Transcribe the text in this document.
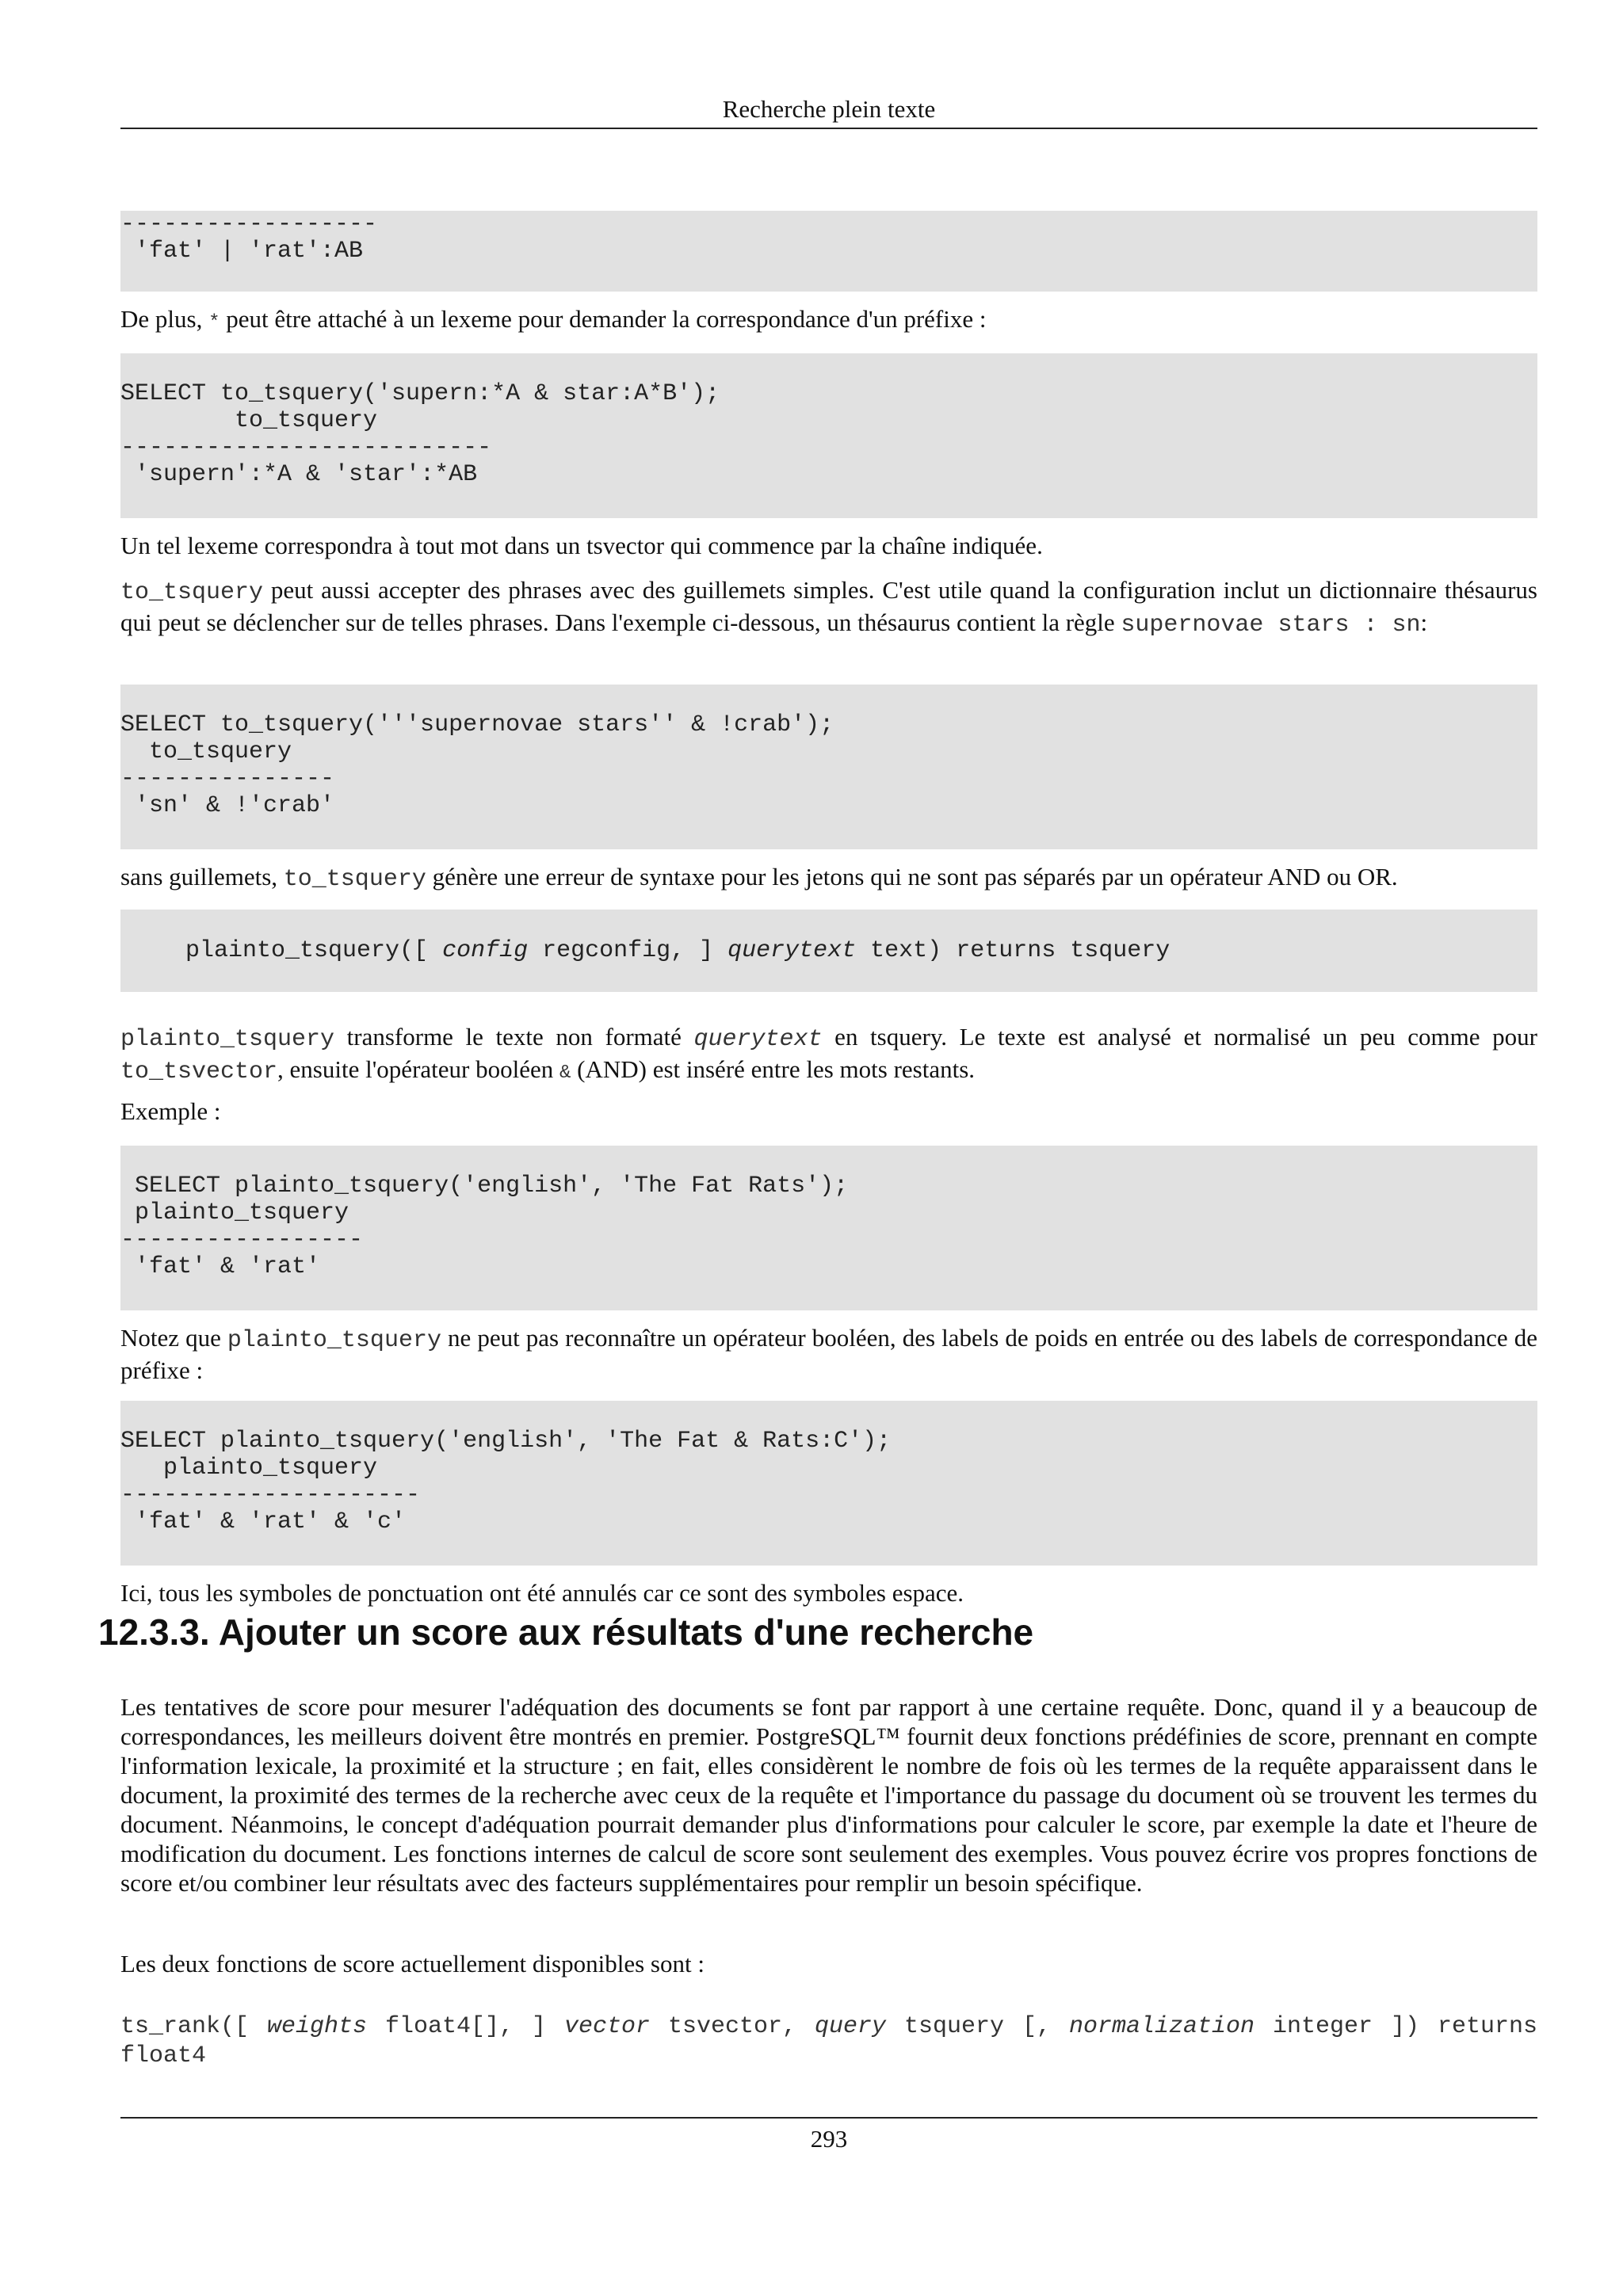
Recherche plein texte
------------------
'fat' | 'rat':AB

De plus, * peut être attaché à un lexeme pour demander la correspondance d'un préfixe :

SELECT to_tsquery('supern:*A & star:A*B');
to_tsquery
--------------------------
'supern':*A & 'star':*AB

Un tel lexeme correspondra à tout mot dans un tsvector qui commence par la chaîne indiquée.

to_tsquery peut aussi accepter des phrases avec des guillemets simples. C'est utile quand la configuration inclut un dictionnaire thésaurus qui peut se déclencher sur de telles phrases. Dans l'exemple ci-dessous, un thésaurus contient la règle supernovae stars : sn:

SELECT to_tsquery('''supernovae stars'' & !crab');
to_tsquery
---------------
'sn' & !'crab'

sans guillemets, to_tsquery génère une erreur de syntaxe pour les jetons qui ne sont pas séparés par un opérateur AND ou OR.

plainto_tsquery([ config regconfig, ] querytext text) returns tsquery

plainto_tsquery transforme le texte non formaté querytext en tsquery. Le texte est analysé et normalisé un peu comme pour to_tsvector, ensuite l'opérateur booléen & (AND) est inséré entre les mots restants.

Exemple :

SELECT plainto_tsquery('english', 'The Fat Rats');
plainto_tsquery
-----------------
'fat' & 'rat'

Notez que plainto_tsquery ne peut pas reconnaître un opérateur booléen, des labels de poids en entrée ou des labels de correspondance de préfixe :

SELECT plainto_tsquery('english', 'The Fat & Rats:C');
plainto_tsquery
---------------------
'fat' & 'rat' & 'c'

Ici, tous les symboles de ponctuation ont été annulés car ce sont des symboles espace.

12.3.3. Ajouter un score aux résultats d'une recherche

Les tentatives de score pour mesurer l'adéquation des documents se font par rapport à une certaine requête. Donc, quand il y a beaucoup de correspondances, les meilleurs doivent être montrés en premier. PostgreSQL™ fournit deux fonctions prédéfinies de score, prennant en compte l'information lexicale, la proximité et la structure ; en fait, elles considèrent le nombre de fois où les termes de la requête apparaissent dans le document, la proximité des termes de la recherche avec ceux de la requête et l'importance du passage du document où se trouvent les termes du document. Néanmoins, le concept d'adéquation pourrait demander plus d'informations pour calculer le score, par exemple la date et l'heure de modification du document. Les fonctions internes de calcul de score sont seulement des exemples. Vous pouvez écrire vos propres fonctions de score et/ou combiner leur résultats avec des facteurs supplémentaires pour remplir un besoin spécifique.

Les deux fonctions de score actuellement disponibles sont :

ts_rank([ weights float4[], ] vector tsvector, query tsquery [, normalization integer ]) returns float4

293
